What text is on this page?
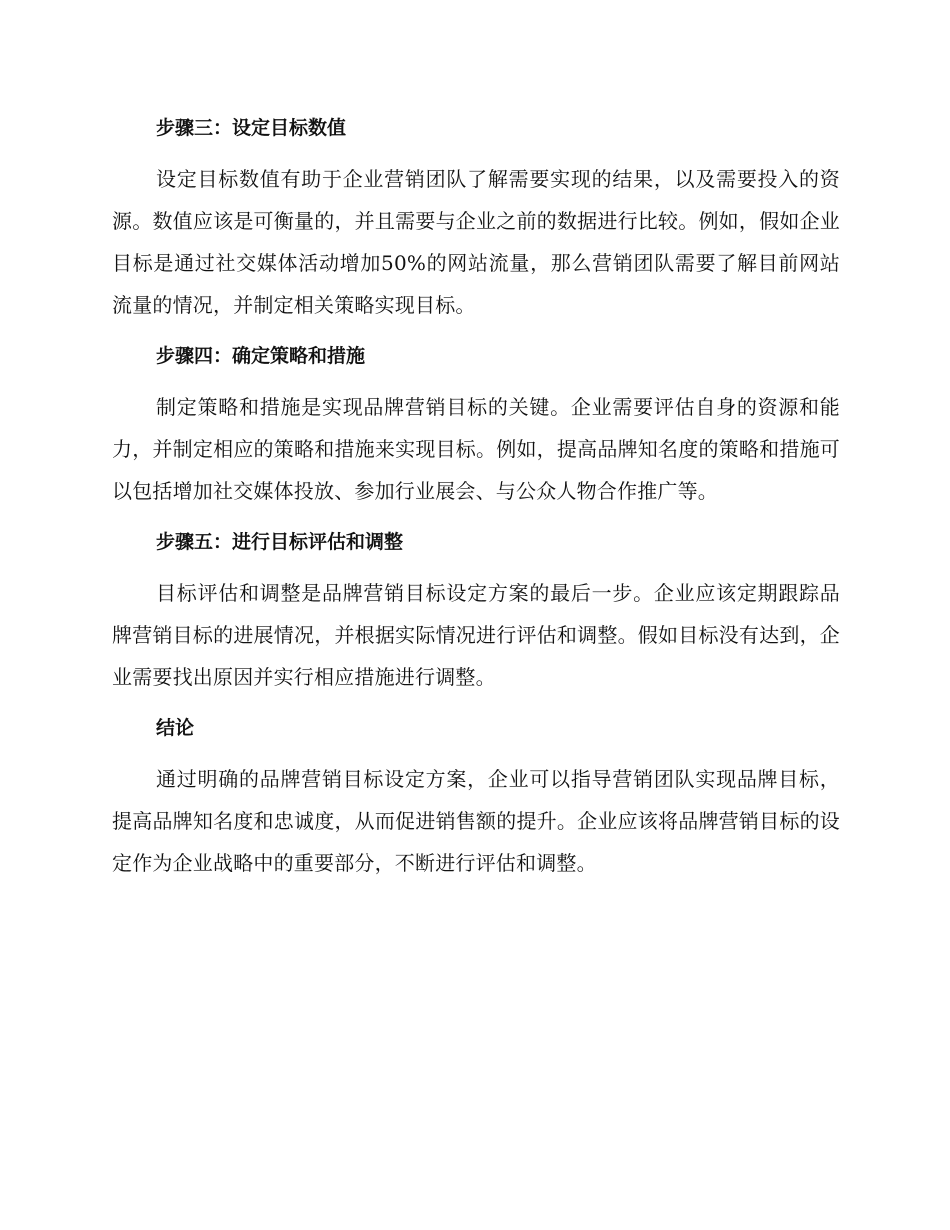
步骤三：设定目标数值

设定目标数值有助于企业营销团队了解需要实现的结果，以及需要投入的资源。数值应该是可衡量的，并且需要与企业之前的数据进行比较。例如，假如企业目标是通过社交媒体活动增加50%的网站流量，那么营销团队需要了解目前网站流量的情况，并制定相关策略实现目标。

步骤四：确定策略和措施

制定策略和措施是实现品牌营销目标的关键。企业需要评估自身的资源和能力，并制定相应的策略和措施来实现目标。例如，提高品牌知名度的策略和措施可以包括增加社交媒体投放、参加行业展会、与公众人物合作推广等。

步骤五：进行目标评估和调整

目标评估和调整是品牌营销目标设定方案的最后一步。企业应该定期跟踪品牌营销目标的进展情况，并根据实际情况进行评估和调整。假如目标没有达到，企业需要找出原因并实行相应措施进行调整。

结论

通过明确的品牌营销目标设定方案，企业可以指导营销团队实现品牌目标，提高品牌知名度和忠诚度，从而促进销售额的提升。企业应该将品牌营销目标的设定作为企业战略中的重要部分，不断进行评估和调整。
